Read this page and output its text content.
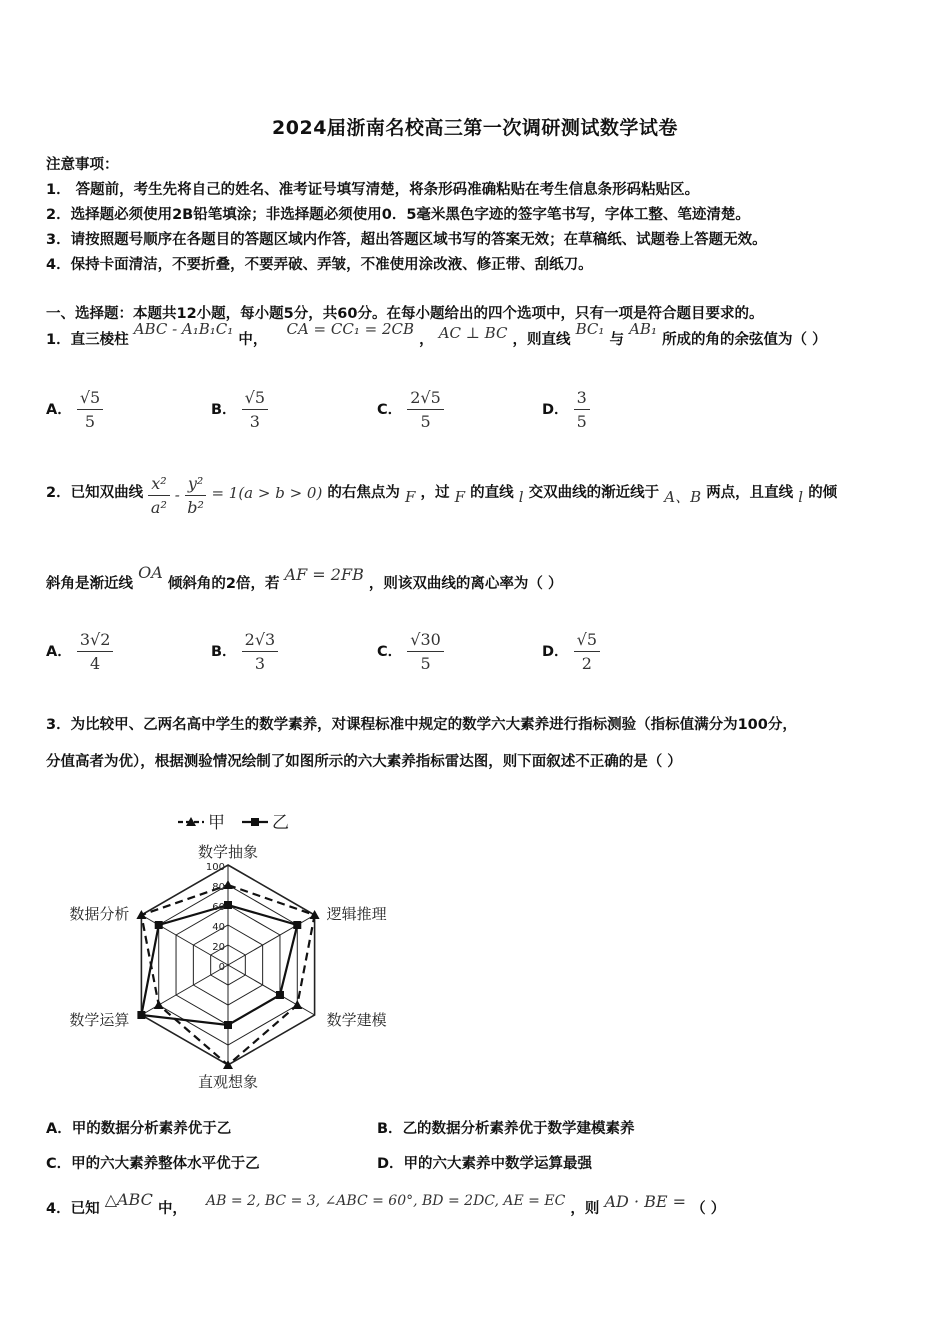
2024届浙南名校高三第一次调研测试数学试卷
注意事项：
1． 答题前，考生先将自己的姓名、准考证号填写清楚，将条形码准确粘贴在考生信息条形码粘贴区。
2．选择题必须使用2B铅笔填涂；非选择题必须使用0．5毫米黑色字迹的签字笔书写，字体工整、笔迹清楚。
3．请按照题号顺序在各题目的答题区域内作答，超出答题区域书写的答案无效；在草稿纸、试题卷上答题无效。
4．保持卡面清洁，不要折叠，不要弄破、弄皱，不准使用涂改液、修正带、刮纸刀。
一、选择题：本题共12小题，每小题5分，共60分。在每小题给出的四个选项中，只有一项是符合题目要求的。
1．直三棱柱 ABC - A₁B₁C₁ 中， CA = CC₁ = 2CB ， AC ⊥ BC ，则直线 BC₁ 与 AB₁ 所成的角的余弦值为（ ）
A． $\frac{√5}{5}$	B． $\frac{√5}{3}$	C． $\frac{2√5}{5}$	D． $\frac{3}{5}$
2．已知双曲线 $\frac{\text{x²}}{\text{a²}} - \frac{\text{y²}}{\text{b²}} = 1(a > b > 0)$ 的右焦点为 F ，过 F 的直线 l 交双曲线的渐近线于 A、B 两点，且直线 l 的倾
斜角是渐近线 OA 倾斜角的2倍，若 AF = 2FB ，则该双曲线的离心率为（ ）
A． $\frac{3√2}{4}$	B． $\frac{2√3}{3}$	C． $\frac{√30}{5}$	D． $\frac{√5}{2}$
3．为比较甲、乙两名高中学生的数学素养，对课程标准中规定的数学六大素养进行指标测验（指标值满分为100分，
分值高者为优），根据测验情况绘制了如图所示的六大素养指标雷达图，则下面叙述不正确的是（ ）
甲	乙
100
80
60
40
20
0
数学抽象
逻辑推理
数学建模
直观想象
数学运算
数据分析
A．甲的数据分析素养优于乙	B．乙的数据分析素养优于数学建模素养
C．甲的六大素养整体水平优于乙	D．甲的六大素养中数学运算最强
4．已知 △ABC 中， AB = 2, BC = 3, ∠ABC = 60°, BD = 2DC, AE = EC ，则 AD · BE = （ ）
